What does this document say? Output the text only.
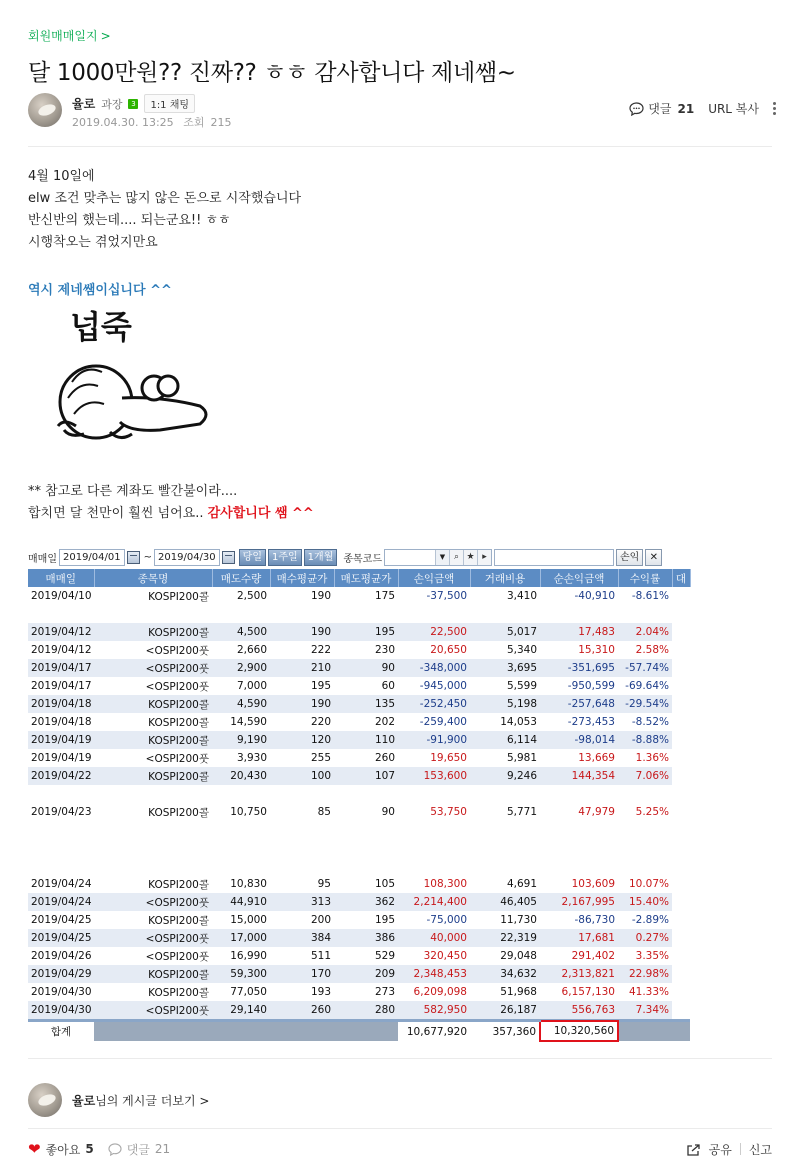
회원매매일지 >
달 1000만원?? 진짜?? ㅎㅎ 감사합니다 제네쌤~
율로 과장	3	1:1 채팅
2019.04.30. 13:25 조회 215
댓글 21 URL 복사
4월 10일에
elw 조건 맞추는 많지 않은 돈으로 시작했습니다
반신반의 했는데.... 되는군요!! ㅎㅎ
시행착오는 겪었지만요
역시 제네쌤이십니다 ^^
넙죽
** 참고로 다른 계좌도 빨간불이라....
합치면 달 천만이 훨씬 넘어요.. 감사합니다 쌤 ^^
매매일 2019/04/01	~ 2019/04/30	당일	1주일	1개월	종목코드	▼ ⌕ ★ ▸	손익	✕
매매일	종목명	매도수량	매수평균가	매도평균가	손익금액	거래비용	순손익금액	수익률	대
2019/04/10	KOSPI200콜	2,500	190	175	-37,500	3,410	-40,910	-8.61%	

2019/04/12	KOSPI200콜	4,500	190	195	22,500	5,017	17,483	2.04%	
2019/04/12	<OSPI200풋	2,660	222	230	20,650	5,340	15,310	2.58%	
2019/04/17	<OSPI200풋	2,900	210	90	-348,000	3,695	-351,695	-57.74%	
2019/04/17	<OSPI200풋	7,000	195	60	-945,000	5,599	-950,599	-69.64%	
2019/04/18	KOSPI200콜	4,590	190	135	-252,450	5,198	-257,648	-29.54%	
2019/04/18	KOSPI200콜	14,590	220	202	-259,400	14,053	-273,453	-8.52%	
2019/04/19	KOSPI200콜	9,190	120	110	-91,900	6,114	-98,014	-8.88%	
2019/04/19	<OSPI200풋	3,930	255	260	19,650	5,981	13,669	1.36%	
2019/04/22	KOSPI200콜	20,430	100	107	153,600	9,246	144,354	7.06%	

2019/04/23	KOSPI200콜	10,750	85	90	53,750	5,771	47,979	5.25%	

2019/04/24	KOSPI200콜	10,830	95	105	108,300	4,691	103,609	10.07%	
2019/04/24	<OSPI200풋	44,910	313	362	2,214,400	46,405	2,167,995	15.40%	
2019/04/25	KOSPI200콜	15,000	200	195	-75,000	11,730	-86,730	-2.89%	
2019/04/25	<OSPI200풋	17,000	384	386	40,000	22,319	17,681	0.27%	
2019/04/26	<OSPI200풋	16,990	511	529	320,450	29,048	291,402	3.35%	
2019/04/29	KOSPI200콜	59,300	170	209	2,348,453	34,632	2,313,821	22.98%	
2019/04/30	KOSPI200콜	77,050	193	273	6,209,098	51,968	6,157,130	41.33%	
2019/04/30	<OSPI200풋	29,140	260	280	582,950	26,187	556,763	7.34%	

합계					10,677,920	357,360	10,320,560		
율로님의 게시글 더보기 >
❤ 좋아요 5	댓글 21	공유 신고
